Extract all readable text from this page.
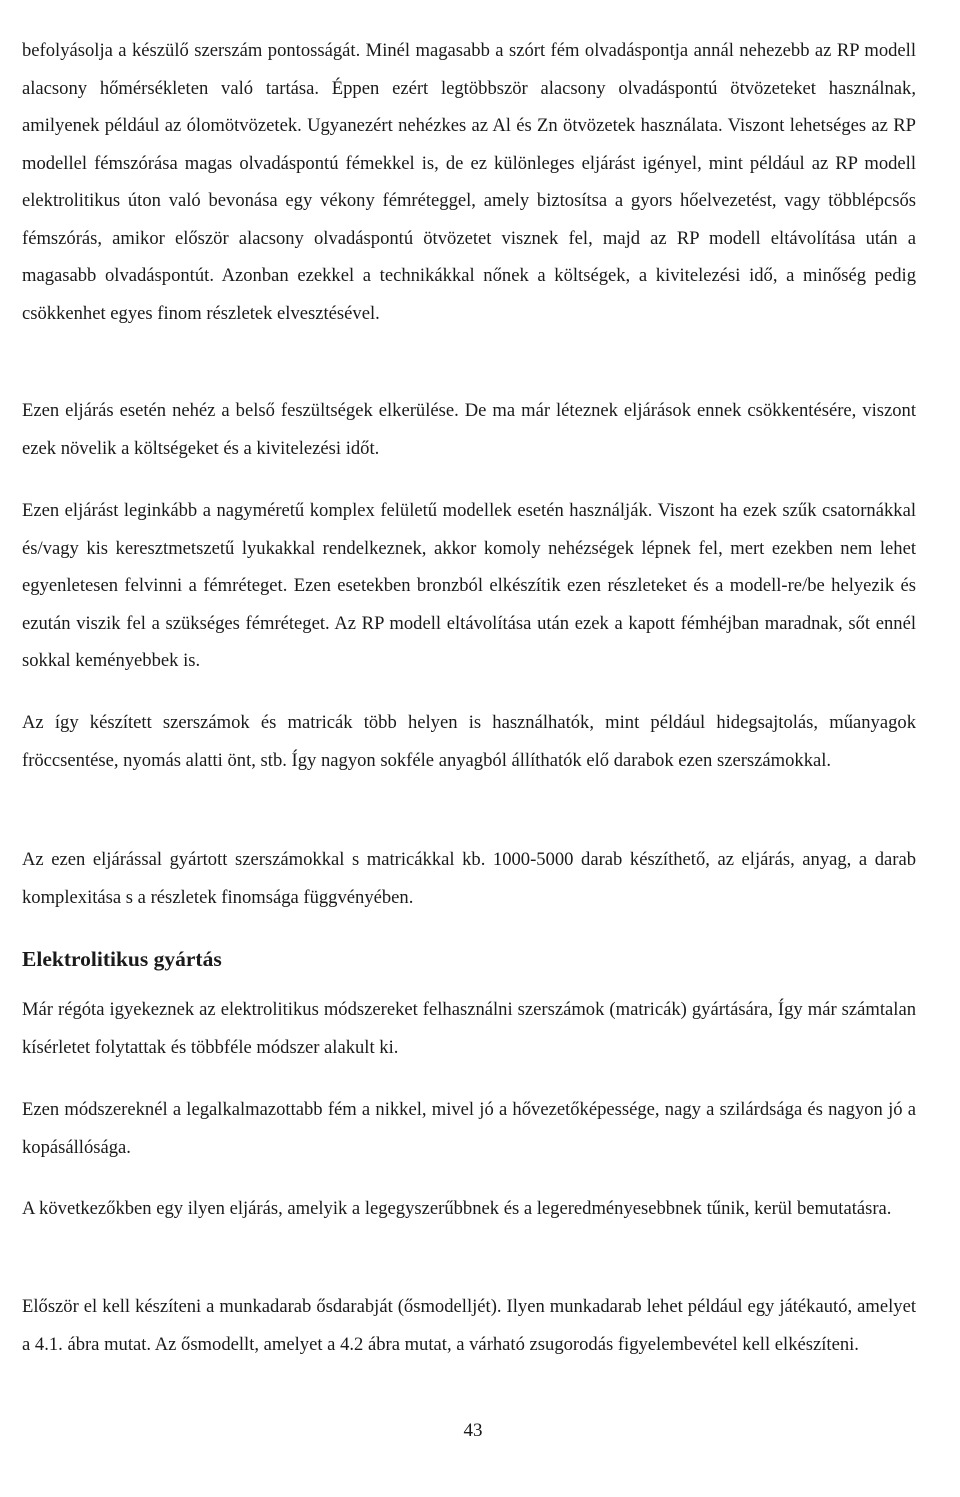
befolyásolja a készülő szerszám pontosságát. Minél magasabb a szórt fém olvadáspontja annál nehezebb az RP modell alacsony hőmérsékleten való tartása. Éppen ezért legtöbbször alacsony olvadáspontú ötvözeteket használnak, amilyenek például az ólomötvözetek. Ugyanezért nehézkes az Al és Zn ötvözetek használata. Viszont lehetséges az RP modellel fémszórása magas olvadáspontú fémekkel is, de ez különleges eljárást igényel, mint például az RP modell elektrolitikus úton való bevonása egy vékony fémréteggel, amely biztosítsa a gyors hőelvezetést, vagy többlépcsős fémszórás, amikor először alacsony olvadáspontú ötvözetet visznek fel, majd az RP modell eltávolítása után a magasabb olvadáspontút. Azonban ezekkel a technikákkal nőnek a költségek, a kivitelezési idő, a minőség pedig csökkenhet egyes finom részletek elvesztésével.

Ezen eljárás esetén nehéz a belső feszültségek elkerülése. De ma már léteznek eljárások ennek csökkentésére, viszont ezek növelik a költségeket és a kivitelezési időt.

Ezen eljárást leginkább a nagyméretű komplex felületű modellek esetén használják. Viszont ha ezek szűk csatornákkal és/vagy kis keresztmetszetű lyukakkal rendelkeznek, akkor komoly nehézségek lépnek fel, mert ezekben nem lehet egyenletesen felvinni a fémréteget. Ezen esetekben bronzból elkészítik ezen részleteket és a modell-re/be helyezik és ezután viszik fel a szükséges fémréteget. Az RP modell eltávolítása után ezek a kapott fémhéjban maradnak, sőt ennél sokkal keményebbek is.

Az így készített szerszámok és matricák több helyen is használhatók, mint például hidegsajtolás, műanyagok fröccsentése, nyomás alatti önt, stb. Így nagyon sokféle anyagból állíthatók elő darabok ezen szerszámokkal.

Az ezen eljárással gyártott szerszámokkal s matricákkal kb. 1000-5000 darab készíthető, az eljárás, anyag, a darab komplexitása s a részletek finomsága függvényében.

Elektrolitikus gyártás

Már régóta igyekeznek az elektrolitikus módszereket felhasználni szerszámok (matricák) gyártására, Így már számtalan kísérletet folytattak és többféle módszer alakult ki.

Ezen módszereknél a legalkalmazottabb fém a nikkel, mivel jó a hővezetőképessége, nagy a szilárdsága és nagyon jó a kopásállósága.

A következőkben egy ilyen eljárás, amelyik a legegyszerűbbnek és a legeredményesebbnek tűnik, kerül bemutatásra.

Először el kell készíteni a munkadarab ősdarabját (ősmodelljét). Ilyen munkadarab lehet például egy játékautó, amelyet a 4.1. ábra mutat. Az ősmodellt, amelyet a 4.2 ábra mutat, a várható zsugorodás figyelembevétel kell elkészíteni.

43
